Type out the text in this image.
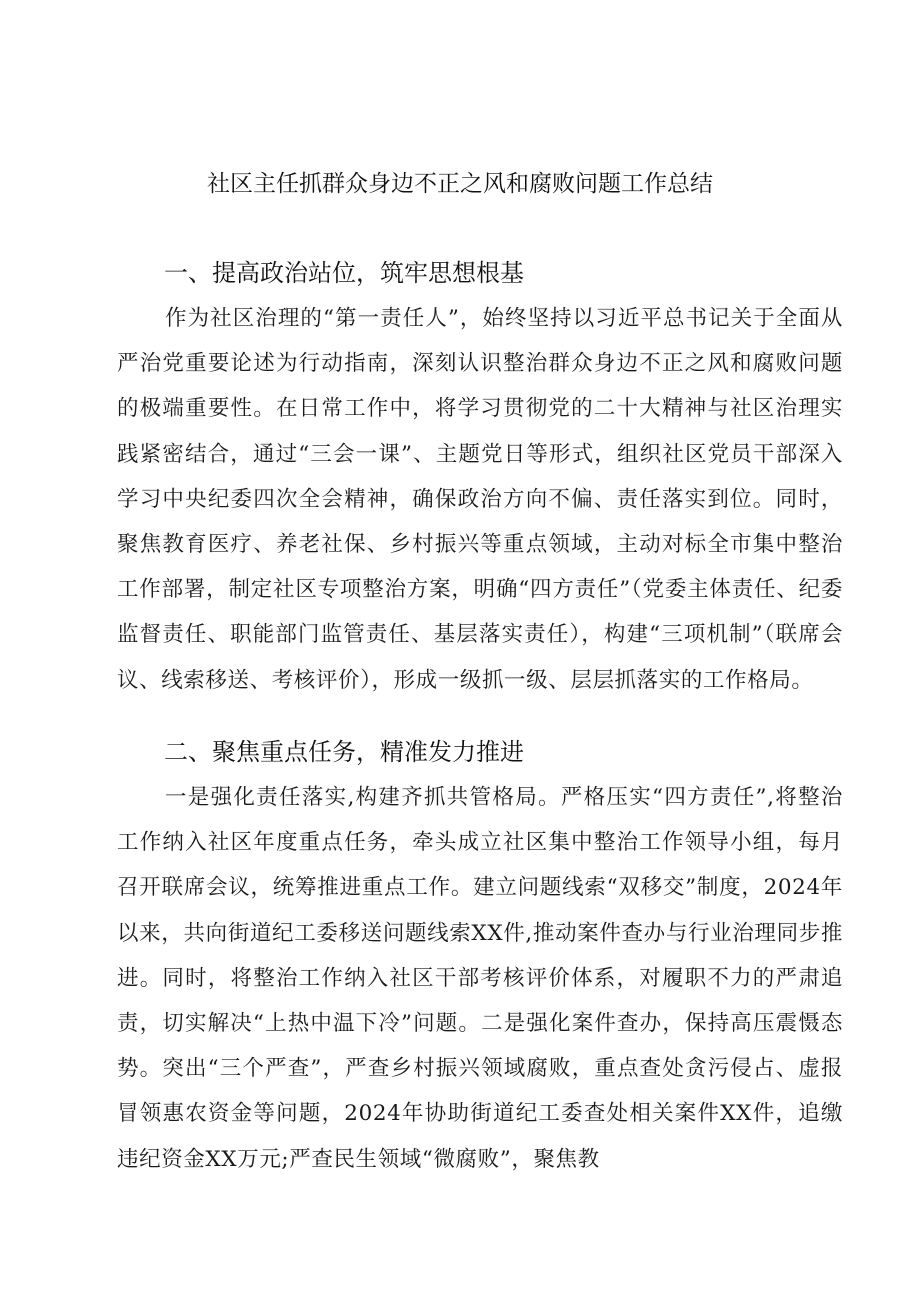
社区主任抓群众身边不正之风和腐败问题工作总结
一、提高政治站位，筑牢思想根基
作为社区治理的“第一责任人”，始终坚持以习近平总书记关于全面从严治党重要论述为行动指南，深刻认识整治群众身边不正之风和腐败问题的极端重要性。在日常工作中，将学习贯彻党的二十大精神与社区治理实践紧密结合，通过“三会一课”、主题党日等形式，组织社区党员干部深入学习中央纪委四次全会精神，确保政治方向不偏、责任落实到位。同时，聚焦教育医疗、养老社保、乡村振兴等重点领域，主动对标全市集中整治工作部署，制定社区专项整治方案，明确“四方责任”（党委主体责任、纪委监督责任、职能部门监管责任、基层落实责任），构建“三项机制”（联席会议、线索移送、考核评价），形成一级抓一级、层层抓落实的工作格局。
二、聚焦重点任务，精准发力推进
一是强化责任落实,构建齐抓共管格局。严格压实“四方责任”,将整治工作纳入社区年度重点任务，牵头成立社区集中整治工作领导小组，每月召开联席会议，统筹推进重点工作。建立问题线索“双移交”制度，2024年以来，共向街道纪工委移送问题线索XX件,推动案件查办与行业治理同步推进。同时，将整治工作纳入社区干部考核评价体系，对履职不力的严肃追责，切实解决“上热中温下冷”问题。二是强化案件查办，保持高压震慑态势。突出“三个严查”，严查乡村振兴领域腐败，重点查处贪污侵占、虚报冒领惠农资金等问题，2024年协助街道纪工委查处相关案件XX件，追缴违纪资金XX万元;严查民生领域“微腐败”，聚焦教
